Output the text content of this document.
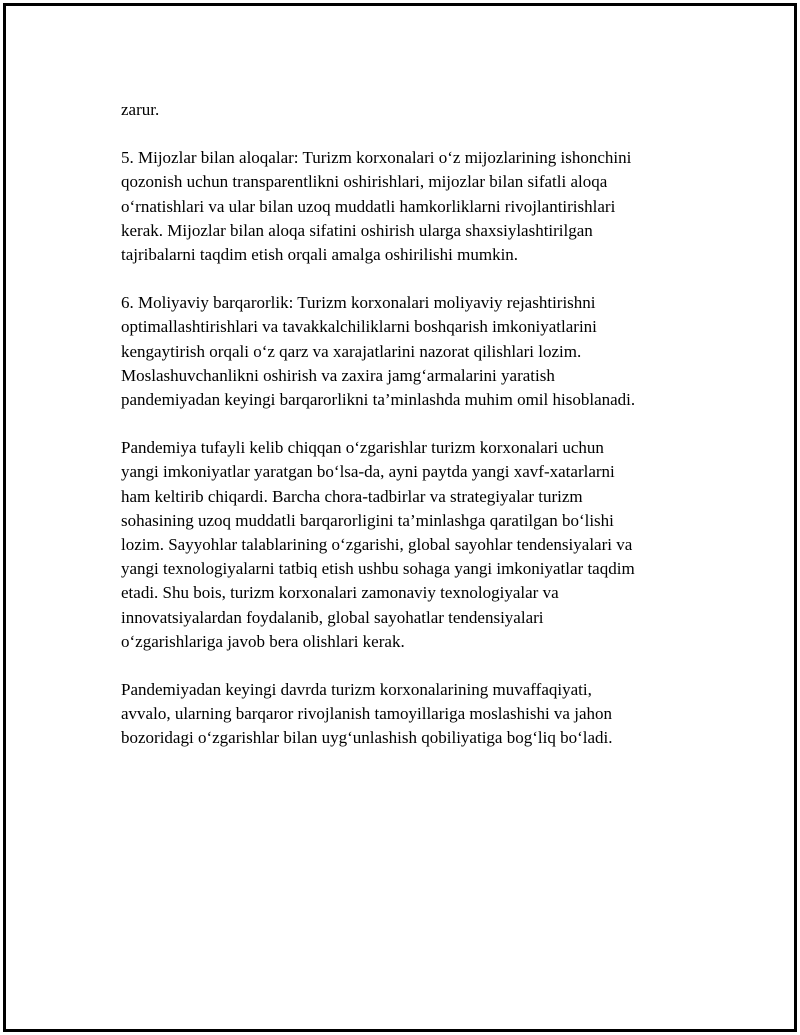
zarur.

5. Mijozlar bilan aloqalar: Turizm korxonalari o‘z mijozlarining ishonchini
qozonish uchun transparentlikni oshirishlari, mijozlar bilan sifatli aloqa
o‘rnatishlari va ular bilan uzoq muddatli hamkorliklarni rivojlantirishlari
kerak. Mijozlar bilan aloqa sifatini oshirish ularga shaxsiylashtirilgan
tajribalarni taqdim etish orqali amalga oshirilishi mumkin.

6. Moliyaviy barqarorlik: Turizm korxonalari moliyaviy rejashtirishni
optimallashtirishlari va tavakkalchiliklarni boshqarish imkoniyatlarini
kengaytirish orqali o‘z qarz va xarajatlarini nazorat qilishlari lozim.
Moslashuvchanlikni oshirish va zaxira jamg‘armalarini yaratish
pandemiyadan keyingi barqarorlikni ta’minlashda muhim omil hisoblanadi.

Pandemiya tufayli kelib chiqqan o‘zgarishlar turizm korxonalari uchun
yangi imkoniyatlar yaratgan bo‘lsa-da, ayni paytda yangi xavf-xatarlarni
ham keltirib chiqardi. Barcha chora-tadbirlar va strategiyalar turizm
sohasining uzoq muddatli barqarorligini ta’minlashga qaratilgan bo‘lishi
lozim. Sayyohlar talablarining o‘zgarishi, global sayohlar tendensiyalari va
yangi texnologiyalarni tatbiq etish ushbu sohaga yangi imkoniyatlar taqdim
etadi. Shu bois, turizm korxonalari zamonaviy texnologiyalar va
innovatsiyalardan foydalanib, global sayohatlar tendensiyalari
o‘zgarishlariga javob bera olishlari kerak.

Pandemiyadan keyingi davrda turizm korxonalarining muvaffaqiyati,
avvalo, ularning barqaror rivojlanish tamoyillariga moslashishi va jahon
bozoridagi o‘zgarishlar bilan uyg‘unlashish qobiliyatiga bog‘liq bo‘ladi.
